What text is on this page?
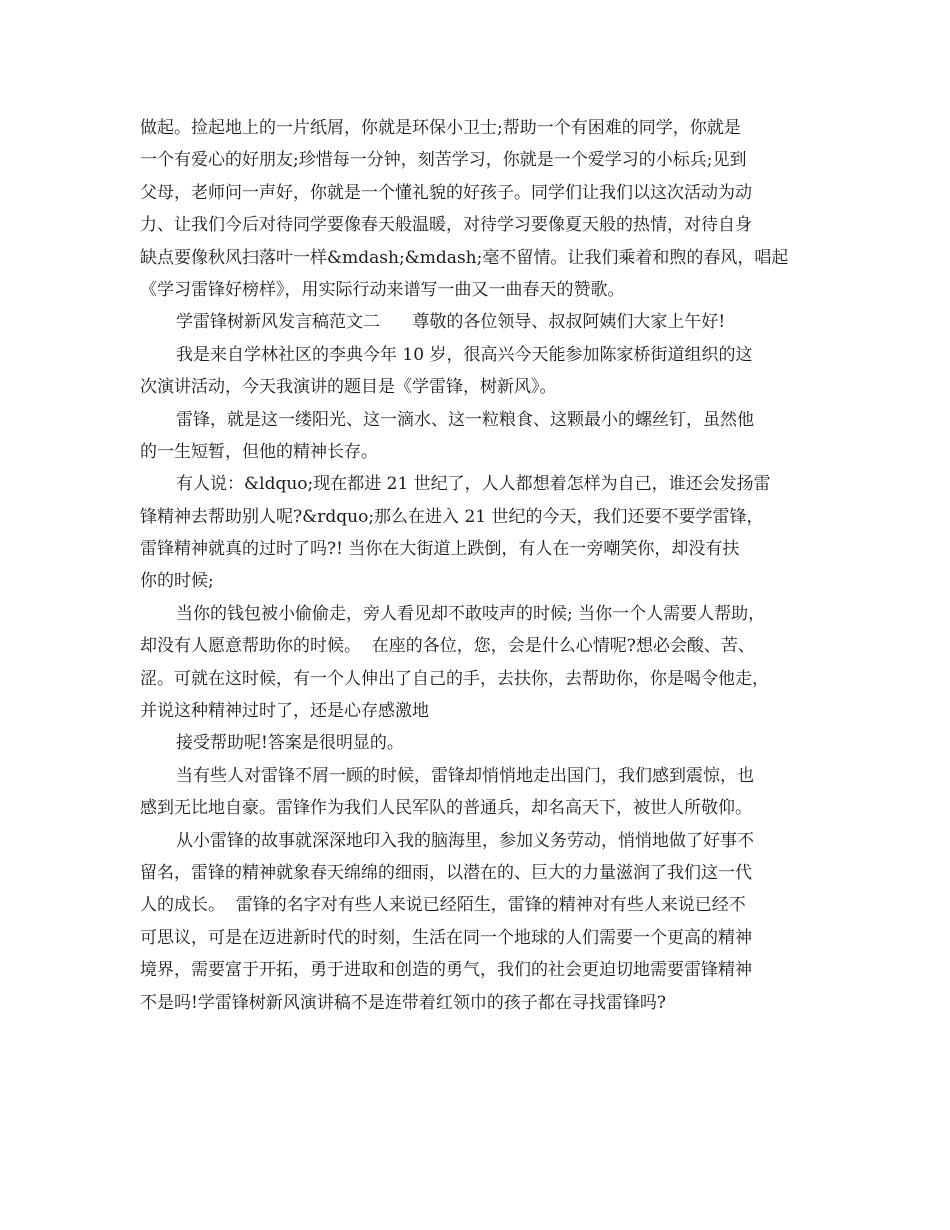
做起。捡起地上的一片纸屑，你就是环保小卫士;帮助一个有困难的同学，你就是
一个有爱心的好朋友;珍惜每一分钟，刻苦学习，你就是一个爱学习的小标兵;见到
父母，老师问一声好，你就是一个懂礼貌的好孩子。同学们让我们以这次活动为动
力、让我们今后对待同学要像春天般温暖，对待学习要像夏天般的热情，对待自身
缺点要像秋风扫落叶一样&mdash;&mdash;毫不留情。让我们乘着和煦的春风，唱起
《学习雷锋好榜样》，用实际行动来谱写一曲又一曲春天的赞歌。
学雷锋树新风发言稿范文二      尊敬的各位领导、叔叔阿姨们大家上午好!
我是来自学林社区的李典今年 10 岁，很高兴今天能参加陈家桥街道组织的这
次演讲活动，今天我演讲的题目是《学雷锋，树新风》。
雷锋，就是这一缕阳光、这一滴水、这一粒粮食、这颗最小的螺丝钉，虽然他
的一生短暂，但他的精神长存。
有人说：&ldquo;现在都进 21 世纪了，人人都想着怎样为自己，谁还会发扬雷
锋精神去帮助别人呢?&rdquo;那么在进入 21 世纪的今天，我们还要不要学雷锋，
雷锋精神就真的过时了吗?! 当你在大街道上跌倒，有人在一旁嘲笑你，却没有扶
你的时候;
当你的钱包被小偷偷走，旁人看见却不敢吱声的时候; 当你一个人需要人帮助，
却没有人愿意帮助你的时候。  在座的各位，您，会是什么心情呢?想必会酸、苦、
涩。可就在这时候，有一个人伸出了自己的手，去扶你，去帮助你，你是喝令他走，
并说这种精神过时了，还是心存感激地
接受帮助呢!答案是很明显的。
当有些人对雷锋不屑一顾的时候，雷锋却悄悄地走出国门，我们感到震惊，也
感到无比地自豪。雷锋作为我们人民军队的普通兵，却名高天下，被世人所敬仰。
从小雷锋的故事就深深地印入我的脑海里，参加义务劳动，悄悄地做了好事不
留名，雷锋的精神就象春天绵绵的细雨，以潜在的、巨大的力量滋润了我们这一代
人的成长。  雷锋的名字对有些人来说已经陌生，雷锋的精神对有些人来说已经不
可思议，可是在迈进新时代的时刻，生活在同一个地球的人们需要一个更高的精神
境界，需要富于开拓，勇于进取和创造的勇气，我们的社会更迫切地需要雷锋精神
不是吗!学雷锋树新风演讲稿不是连带着红领巾的孩子都在寻找雷锋吗?
